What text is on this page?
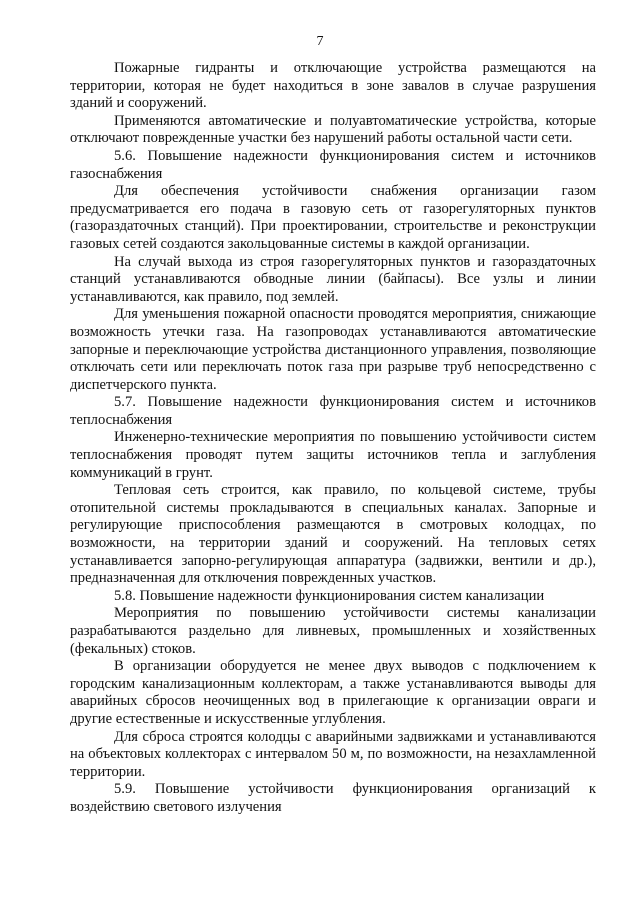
7

Пожарные гидранты и отключающие устройства размещаются на территории, которая не будет находиться в зоне завалов в случае разрушения зданий и сооружений.

Применяются автоматические и полуавтоматические устройства, которые отключают поврежденные участки без нарушений работы остальной части сети.

5.6. Повышение надежности функционирования систем и источников газоснабжения

Для обеспечения устойчивости снабжения организации газом предусматривается его подача в газовую сеть от газорегуляторных пунктов (газораздаточных станций). При проектировании, строительстве и реконструкции газовых сетей создаются закольцованные системы в каждой организации.

На случай выхода из строя газорегуляторных пунктов и газораздаточных станций устанавливаются обводные линии (байпасы). Все узлы и линии устанавливаются, как правило, под землей.

Для уменьшения пожарной опасности проводятся мероприятия, снижающие возможность утечки газа. На газопроводах устанавливаются автоматические запорные и переключающие устройства дистанционного управления, позволяющие отключать сети или переключать поток газа при разрыве труб непосредственно с диспетчерского пункта.

5.7. Повышение надежности функционирования систем и источников теплоснабжения

Инженерно-технические мероприятия по повышению устойчивости систем теплоснабжения проводят путем защиты источников тепла и заглубления коммуникаций в грунт.

Тепловая сеть строится, как правило, по кольцевой системе, трубы отопительной системы прокладываются в специальных каналах. Запорные и регулирующие приспособления размещаются в смотровых колодцах, по возможности, на территории зданий и сооружений. На тепловых сетях устанавливается запорно-регулирующая аппаратура (задвижки, вентили и др.), предназначенная для отключения поврежденных участков.

5.8. Повышение надежности функционирования систем канализации

Мероприятия по повышению устойчивости системы канализации разрабатываются раздельно для ливневых, промышленных и хозяйственных (фекальных) стоков.

В организации оборудуется не менее двух выводов с подключением к городским канализационным коллекторам, а также устанавливаются выводы для аварийных сбросов неочищенных вод в прилегающие к организации овраги и другие естественные и искусственные углубления.

Для сброса строятся колодцы с аварийными задвижками и устанавливаются на объектовых коллекторах с интервалом 50 м, по возможности, на незахламленной территории.

5.9. Повышение устойчивости функционирования организаций к воздействию светового излучения
